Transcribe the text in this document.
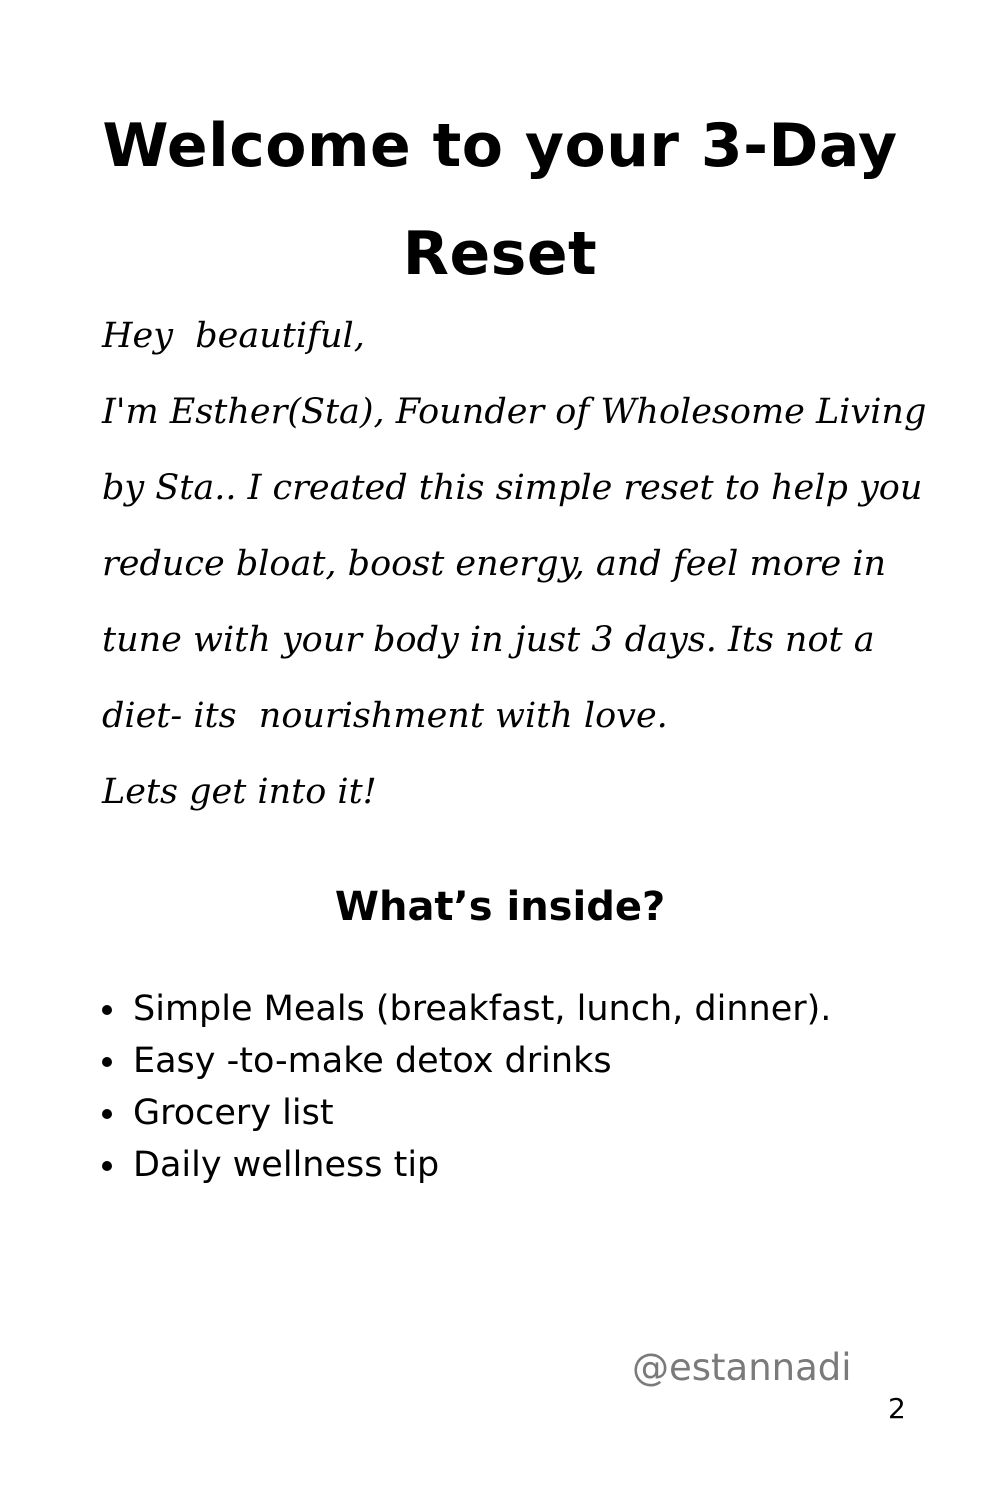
Welcome to your 3-Day
Reset
Hey  beautiful,
I'm Esther(Sta), Founder of Wholesome Living
by Sta.. I created this simple reset to help you
reduce bloat, boost energy, and feel more in
tune with your body in just 3 days. Its not a
diet- its  nourishment with love.
Lets get into it!
What’s inside?
Simple Meals (breakfast, lunch, dinner).
Easy -to-make detox drinks
Grocery list
Daily wellness tip
@estannadi
2
